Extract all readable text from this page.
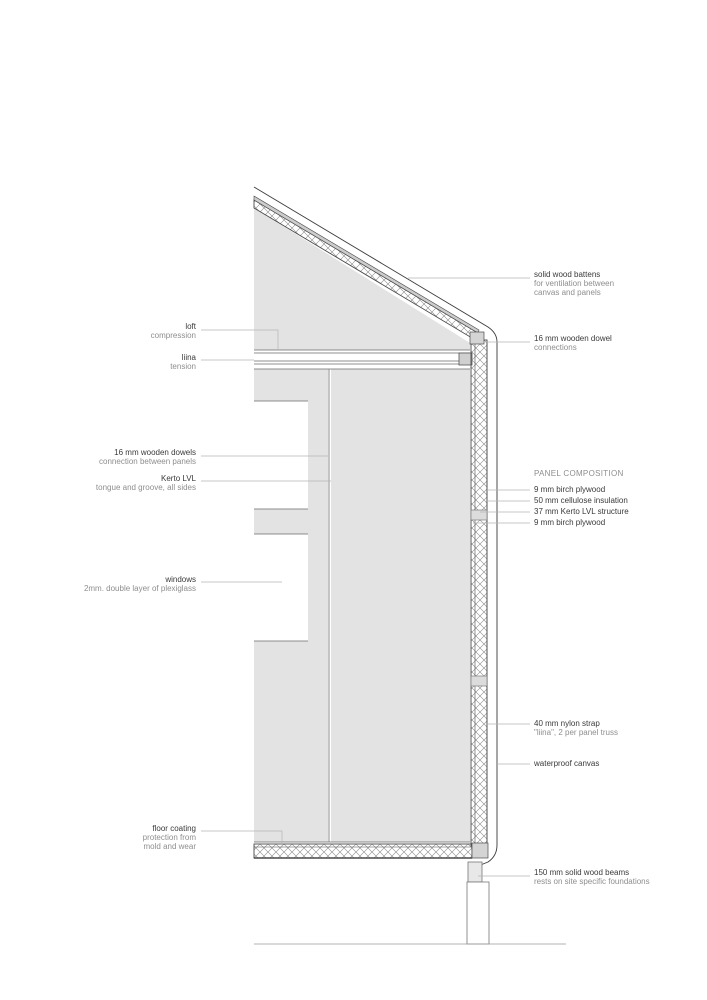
loft
compression
liina
tension
16 mm wooden dowels
connection between panels
Kerto LVL
tongue and groove, all sides
windows
2mm. double layer of plexiglass
floor coating
protection from
mold and wear
solid wood battens
for ventilation between
canvas and panels
16 mm wooden dowel
connections
PANEL COMPOSITION
9 mm birch plywood
50 mm cellulose insulation
37 mm Kerto LVL structure
9 mm birch plywood
40 mm nylon strap
"liina", 2 per panel truss
waterproof canvas
150 mm solid wood beams
rests on site specific foundations
